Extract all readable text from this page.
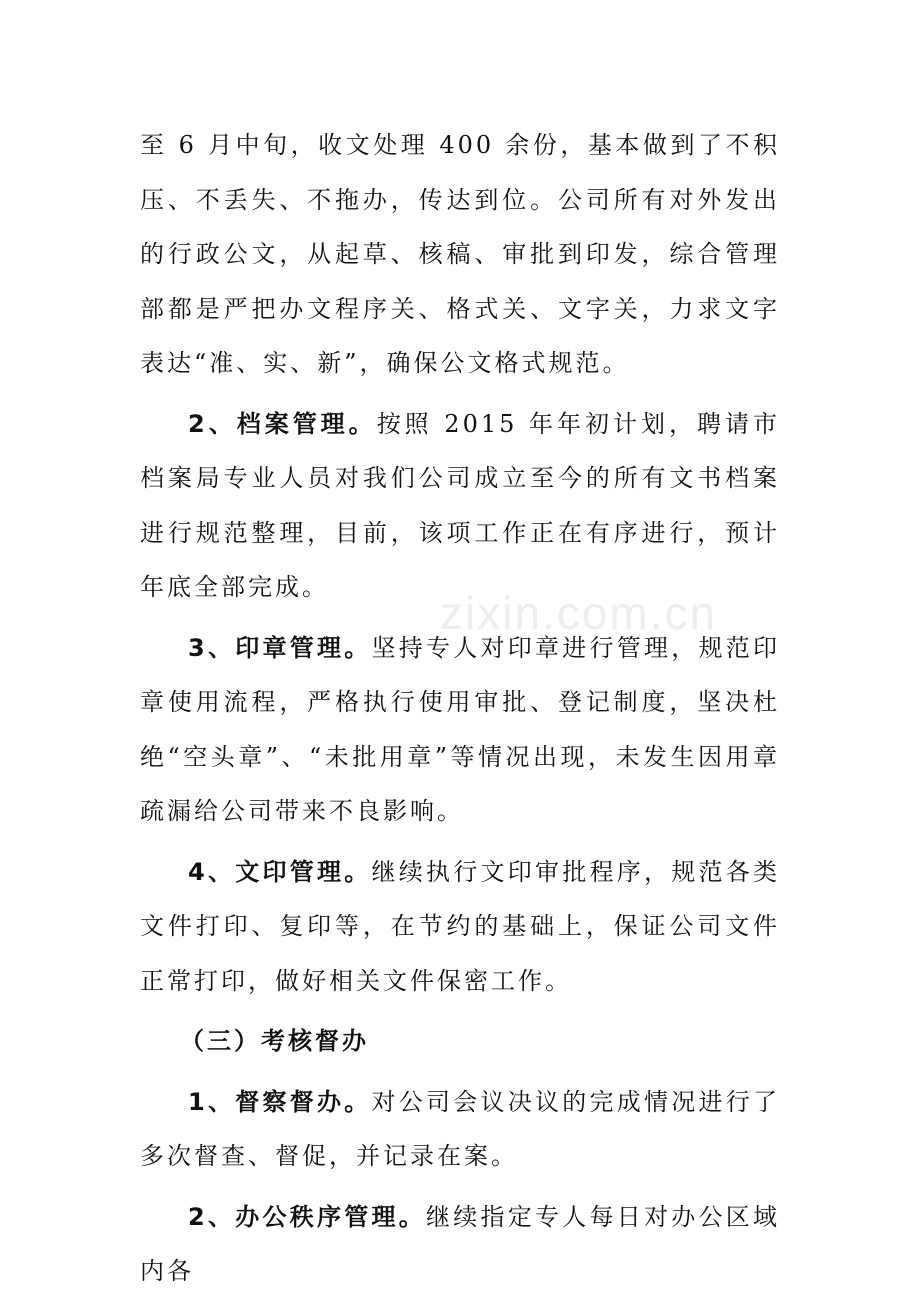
至 6 月中旬，收文处理 400 余份，基本做到了不积压、不丢失、不拖办，传达到位。公司所有对外发出的行政公文，从起草、核稿、审批到印发，综合管理部都是严把办文程序关、格式关、文字关，力求文字表达“准、实、新”，确保公文格式规范。

2、档案管理。按照 2015 年年初计划，聘请市档案局专业人员对我们公司成立至今的所有文书档案进行规范整理，目前，该项工作正在有序进行，预计年底全部完成。

3、印章管理。坚持专人对印章进行管理，规范印章使用流程，严格执行使用审批、登记制度，坚决杜绝“空头章”、“未批用章”等情况出现，未发生因用章疏漏给公司带来不良影响。

4、文印管理。继续执行文印审批程序，规范各类文件打印、复印等，在节约的基础上，保证公司文件正常打印，做好相关文件保密工作。

（三）考核督办

1、督察督办。对公司会议决议的完成情况进行了多次督查、督促，并记录在案。

2、办公秩序管理。继续指定专人每日对办公区域内各

zixin.com.cn
